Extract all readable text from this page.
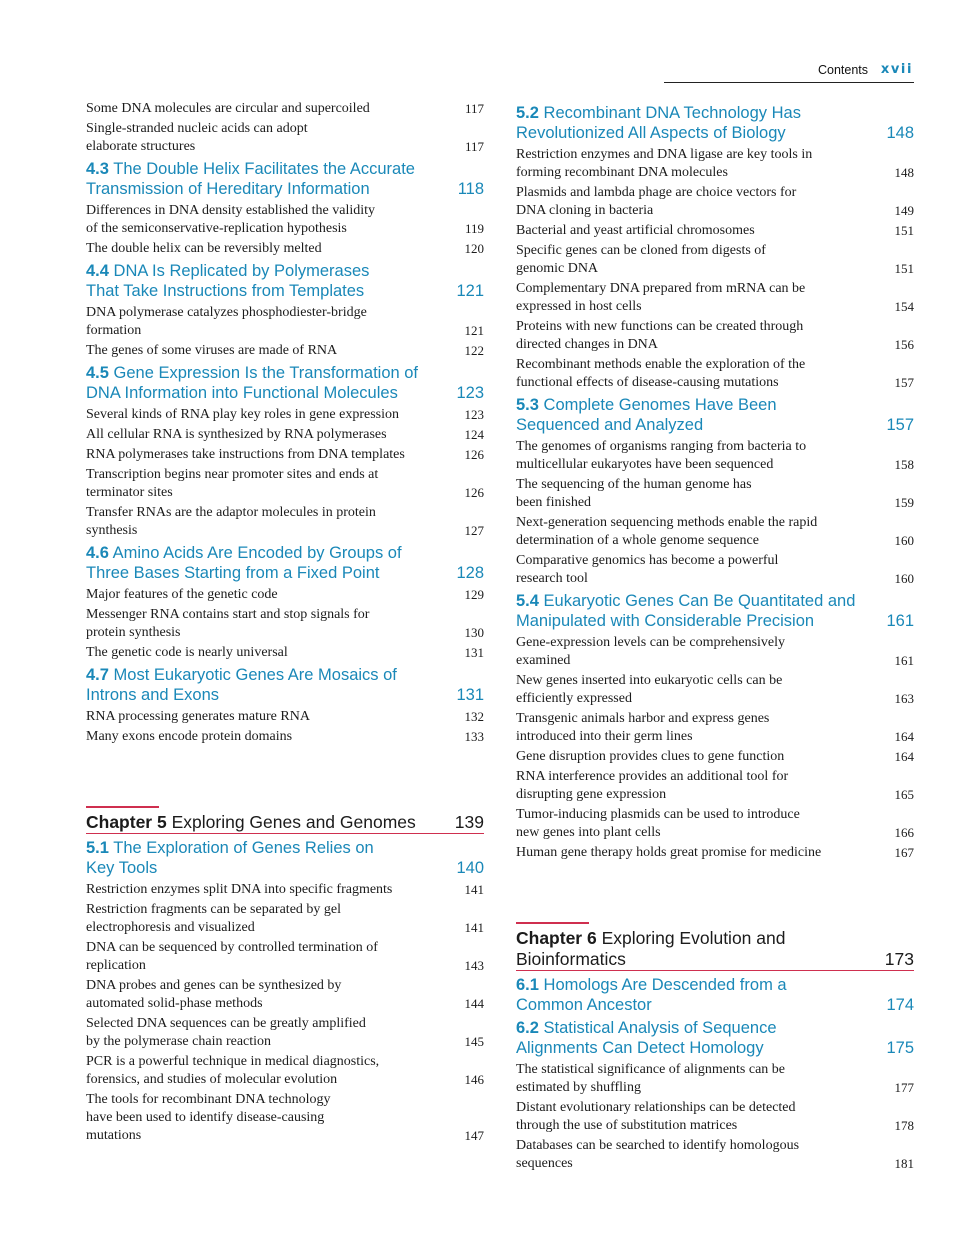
Contents xvii
Some DNA molecules are circular and supercoiled	117
Single-stranded nucleic acids can adopt
elaborate structures	117
4.3 The Double Helix Facilitates the Accurate
Transmission of Hereditary Information	118
Differences in DNA density established the validity
of the semiconservative-replication hypothesis	119
The double helix can be reversibly melted	120
4.4 DNA Is Replicated by Polymerases
That Take Instructions from Templates	121
DNA polymerase catalyzes phosphodiester-bridge
formation	121
The genes of some viruses are made of RNA	122
4.5 Gene Expression Is the Transformation of
DNA Information into Functional Molecules	123
Several kinds of RNA play key roles in gene expression	123
All cellular RNA is synthesized by RNA polymerases	124
RNA polymerases take instructions from DNA templates	126
Transcription begins near promoter sites and ends at
terminator sites	126
Transfer RNAs are the adaptor molecules in protein
synthesis	127
4.6 Amino Acids Are Encoded by Groups of
Three Bases Starting from a Fixed Point	128
Major features of the genetic code	129
Messenger RNA contains start and stop signals for
protein synthesis	130
The genetic code is nearly universal	131
4.7 Most Eukaryotic Genes Are Mosaics of
Introns and Exons	131
RNA processing generates mature RNA	132
Many exons encode protein domains	133
Chapter 5 Exploring Genes and Genomes 139
5.1 The Exploration of Genes Relies on
Key Tools	140
Restriction enzymes split DNA into specific fragments	141
Restriction fragments can be separated by gel
electrophoresis and visualized	141
DNA can be sequenced by controlled termination of
replication	143
DNA probes and genes can be synthesized by
automated solid-phase methods	144
Selected DNA sequences can be greatly amplified
by the polymerase chain reaction	145
PCR is a powerful technique in medical diagnostics,
forensics, and studies of molecular evolution	146
The tools for recombinant DNA technology
have been used to identify disease-causing
mutations	147
5.2 Recombinant DNA Technology Has
Revolutionized All Aspects of Biology	148
Restriction enzymes and DNA ligase are key tools in
forming recombinant DNA molecules	148
Plasmids and lambda phage are choice vectors for
DNA cloning in bacteria	149
Bacterial and yeast artificial chromosomes	151
Specific genes can be cloned from digests of
genomic DNA	151
Complementary DNA prepared from mRNA can be
expressed in host cells	154
Proteins with new functions can be created through
directed changes in DNA	156
Recombinant methods enable the exploration of the
functional effects of disease-causing mutations	157
5.3 Complete Genomes Have Been
Sequenced and Analyzed	157
The genomes of organisms ranging from bacteria to
multicellular eukaryotes have been sequenced	158
The sequencing of the human genome has
been finished	159
Next-generation sequencing methods enable the rapid
determination of a whole genome sequence	160
Comparative genomics has become a powerful
research tool	160
5.4 Eukaryotic Genes Can Be Quantitated and
Manipulated with Considerable Precision	161
Gene-expression levels can be comprehensively
examined	161
New genes inserted into eukaryotic cells can be
efficiently expressed	163
Transgenic animals harbor and express genes
introduced into their germ lines	164
Gene disruption provides clues to gene function	164
RNA interference provides an additional tool for
disrupting gene expression	165
Tumor-inducing plasmids can be used to introduce
new genes into plant cells	166
Human gene therapy holds great promise for medicine	167
Chapter 6 Exploring Evolution and
Bioinformatics	173
6.1 Homologs Are Descended from a
Common Ancestor	174
6.2 Statistical Analysis of Sequence
Alignments Can Detect Homology	175
The statistical significance of alignments can be
estimated by shuffling	177
Distant evolutionary relationships can be detected
through the use of substitution matrices	178
Databases can be searched to identify homologous
sequences	181
